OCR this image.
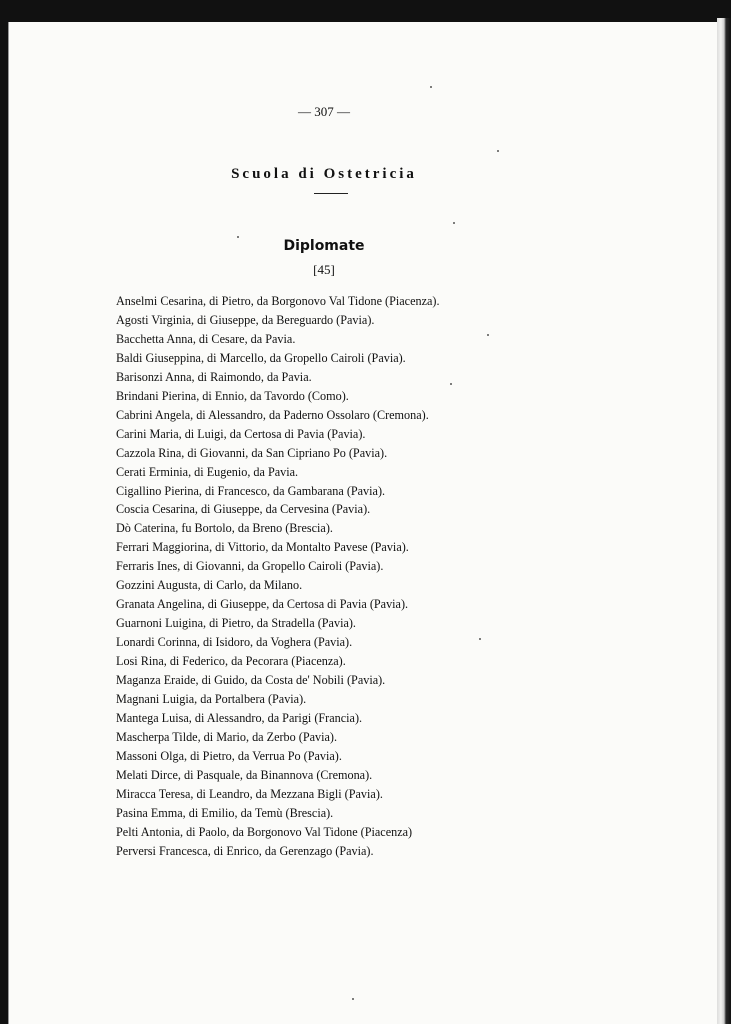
— 307 —
Scuola di Ostetricia
Diplomate
[45]
Anselmi Cesarina, di Pietro, da Borgonovo Val Tidone (Piacenza).
Agosti Virginia, di Giuseppe, da Bereguardo (Pavia).
Bacchetta Anna, di Cesare, da Pavia.
Baldi Giuseppina, di Marcello, da Gropello Cairoli (Pavia).
Barisonzi Anna, di Raimondo, da Pavia.
Brindani Pierina, di Ennio, da Tavordo (Como).
Cabrini Angela, di Alessandro, da Paderno Ossolaro (Cremona).
Carini Maria, di Luigi, da Certosa di Pavia (Pavia).
Cazzola Rina, di Giovanni, da San Cipriano Po (Pavia).
Cerati Erminia, di Eugenio, da Pavia.
Cigallino Pierina, di Francesco, da Gambarana (Pavia).
Coscia Cesarina, di Giuseppe, da Cervesina (Pavia).
Dò Caterina, fu Bortolo, da Breno (Brescia).
Ferrari Maggiorina, di Vittorio, da Montalto Pavese (Pavia).
Ferraris Ines, di Giovanni, da Gropello Cairoli (Pavia).
Gozzini Augusta, di Carlo, da Milano.
Granata Angelina, di Giuseppe, da Certosa di Pavia (Pavia).
Guarnoni Luigina, di Pietro, da Stradella (Pavia).
Lonardi Corinna, di Isidoro, da Voghera (Pavia).
Losi Rina, di Federico, da Pecorara (Piacenza).
Maganza Eraide, di Guido, da Costa de' Nobili (Pavia).
Magnani Luigia, da Portalbera (Pavia).
Mantega Luisa, di Alessandro, da Parigi (Francia).
Mascherpa Tilde, di Mario, da Zerbo (Pavia).
Massoni Olga, di Pietro, da Verrua Po (Pavia).
Melati Dirce, di Pasquale, da Binannova (Cremona).
Miracca Teresa, di Leandro, da Mezzana Bigli (Pavia).
Pasina Emma, di Emilio, da Temù (Brescia).
Pelti Antonia, di Paolo, da Borgonovo Val Tidone (Piacenza)
Perversi Francesca, di Enrico, da Gerenzago (Pavia).
